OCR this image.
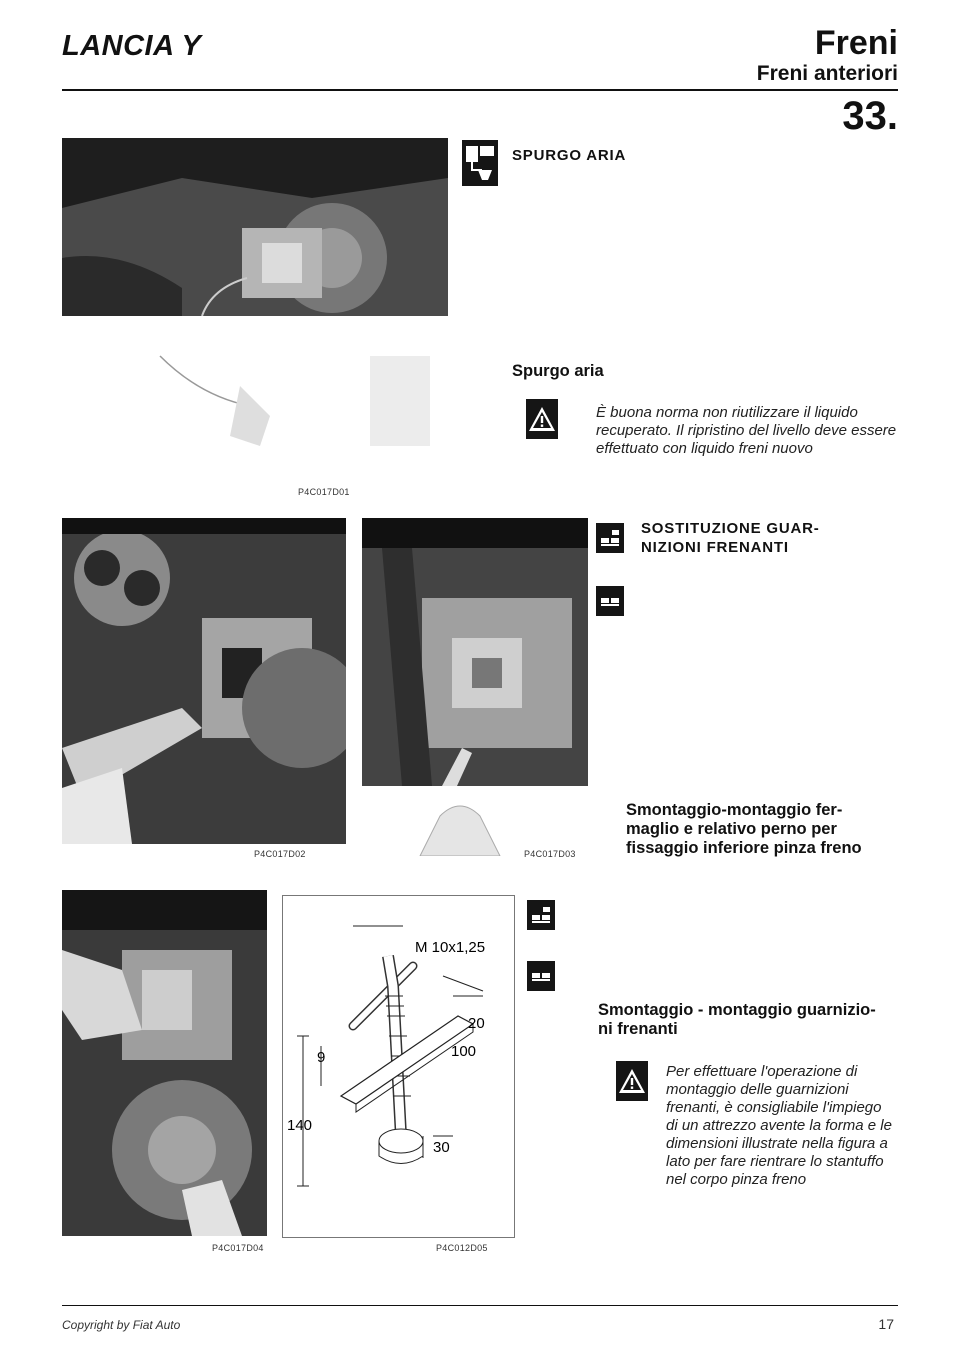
LANCIA Y	Freni
Freni anteriori
33.
P4C017D01
SPURGO ARIA
Spurgo aria
È buona norma non riutilizzare il liquido recuperato. Il ripristino del livello deve essere effettuato con liquido freni nuovo
P4C017D02	P4C017D03
SOSTITUZIONE GUAR-
NIZIONI FRENANTI
Smontaggio-montaggio fer-
maglio e relativo perno per
fissaggio inferiore pinza freno
P4C017D04
M 10x1,25
20
100
9
140
30
P4C012D05
Smontaggio - montaggio guarnizio-
ni frenanti
Per effettuare l'operazione di montaggio delle guarnizioni frenanti, è consigliabile l'impiego di un attrezzo avente la forma e le dimensioni illustrate nella figura a lato per fare rientrare lo stantuffo nel corpo pinza freno
Copyright by Fiat Auto	17
